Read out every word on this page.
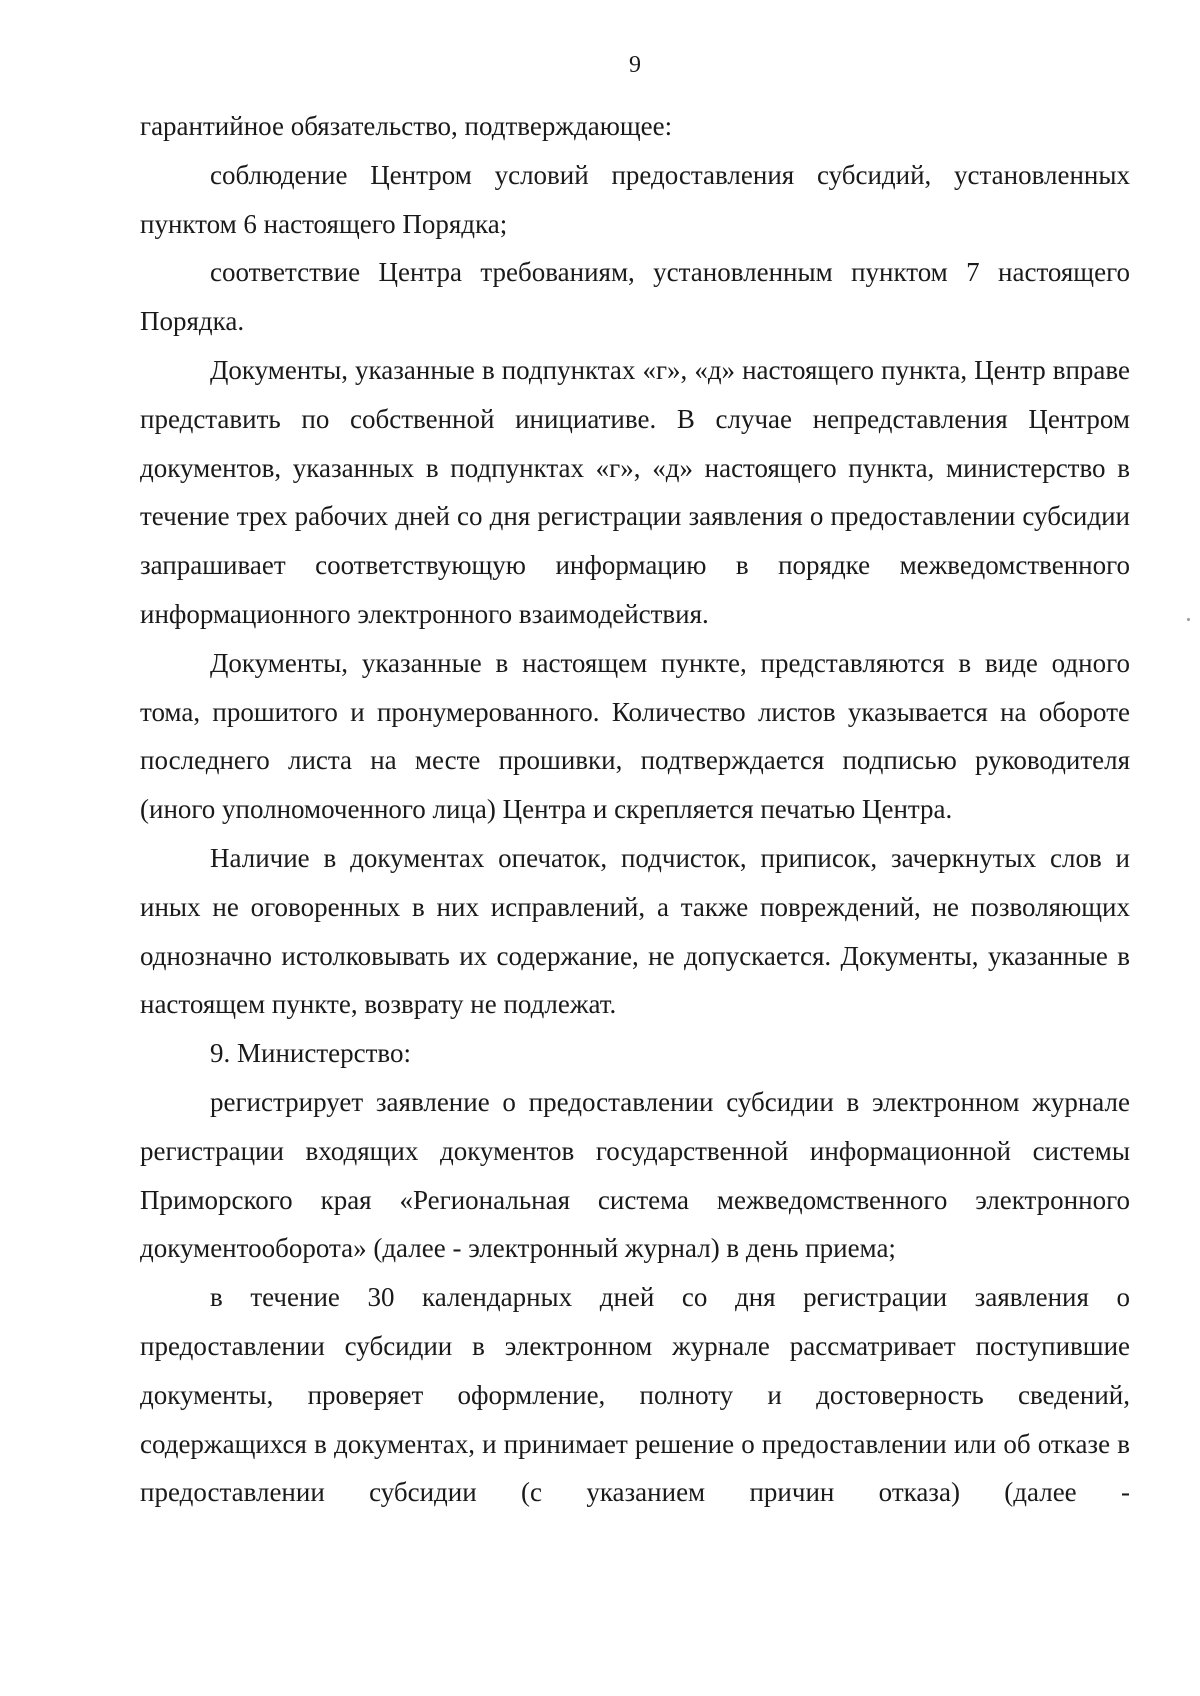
9

гарантийное обязательство, подтверждающее:

соблюдение Центром условий предоставления субсидий, установленных пунктом 6 настоящего Порядка;

соответствие Центра требованиям, установленным пунктом 7 настоящего Порядка.

Документы, указанные в подпунктах «г», «д» настоящего пункта, Центр вправе представить по собственной инициативе. В случае непредставления Центром документов, указанных в подпунктах «г», «д» настоящего пункта, министерство в течение трех рабочих дней со дня регистрации заявления о предоставлении субсидии запрашивает соответствующую информацию в порядке межведомственного информационного электронного взаимодействия.

Документы, указанные в настоящем пункте, представляются в виде одного тома, прошитого и пронумерованного. Количество листов указывается на обороте последнего листа на месте прошивки, подтверждается подписью руководителя (иного уполномоченного лица) Центра и скрепляется печатью Центра.

Наличие в документах опечаток, подчисток, приписок, зачеркнутых слов и иных не оговоренных в них исправлений, а также повреждений, не позволяющих однозначно истолковывать их содержание, не допускается. Документы, указанные в настоящем пункте, возврату не подлежат.

9. Министерство:

регистрирует заявление о предоставлении субсидии в электронном журнале регистрации входящих документов государственной информационной системы Приморского края «Региональная система межведомственного электронного документооборота» (далее - электронный журнал) в день приема;

в течение 30 календарных дней со дня регистрации заявления о предоставлении субсидии в электронном журнале рассматривает поступившие документы, проверяет оформление, полноту и достоверность сведений, содержащихся в документах, и принимает решение о предоставлении или об отказе в предоставлении субсидии (с указанием причин отказа) (далее -
